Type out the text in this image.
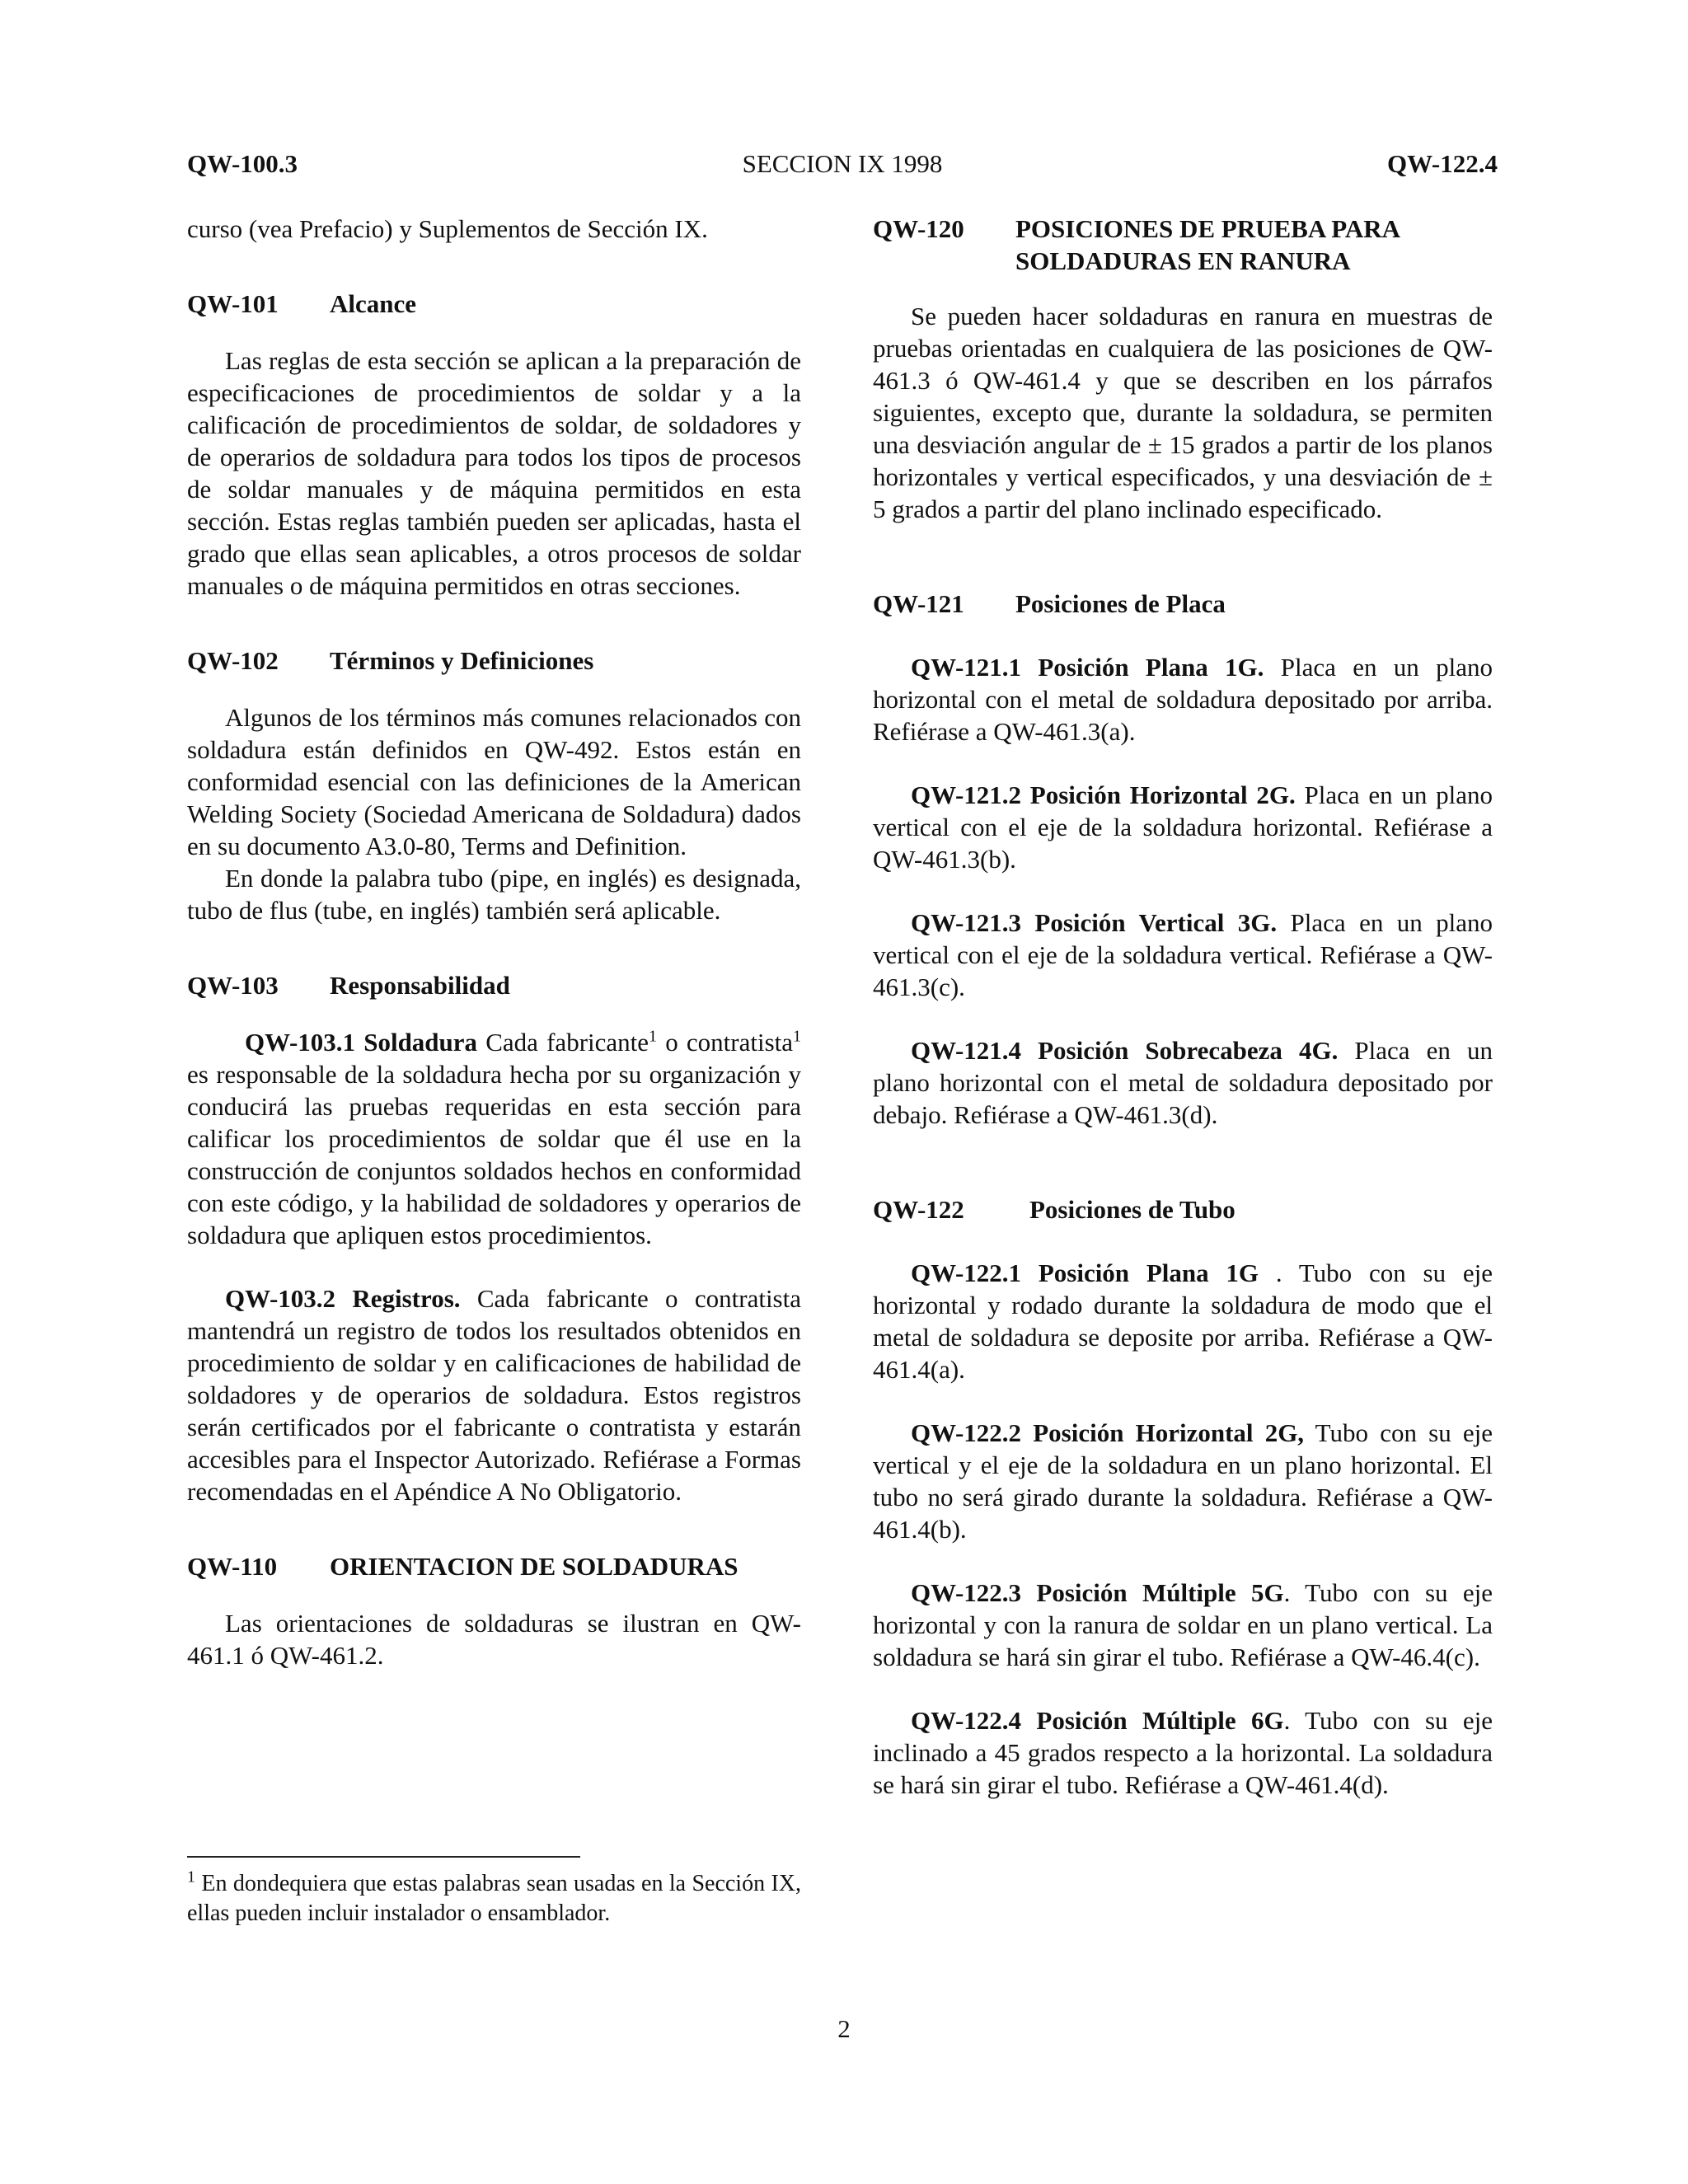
QW-100.3	SECCION IX 1998	QW-122.4

curso (vea Prefacio) y Suplementos de Sección IX.

QW-101 Alcance

Las reglas de esta sección se aplican a la preparación de especificaciones de procedimientos de soldar y a la calificación de procedimientos de soldar, de soldadores y de operarios de soldadura para todos los tipos de procesos de soldar manuales y de máquina permitidos en esta sección. Estas reglas también pueden ser aplicadas, hasta el grado que ellas sean aplicables, a otros procesos de soldar manuales o de máquina permitidos en otras secciones.

QW-102 Términos y Definiciones

Algunos de los términos más comunes relacionados con soldadura están definidos en QW-492. Estos están en conformidad esencial con las definiciones de la American Welding Society (Sociedad Americana de Soldadura) dados en su documento A3.0-80, Terms and Definition.

En donde la palabra tubo (pipe, en inglés) es designada, tubo de flus (tube, en inglés) también será aplicable.

QW-103 Responsabilidad

QW-103.1 Soldadura Cada fabricante$^1$ o contratista$^1$ es responsable de la soldadura hecha por su organización y conducirá las pruebas requeridas en esta sección para calificar los procedimientos de soldar que él use en la construcción de conjuntos soldados hechos en conformidad con este código, y la habilidad de soldadores y operarios de soldadura que apliquen estos procedimientos.

QW-103.2 Registros. Cada fabricante o contratista mantendrá un registro de todos los resultados obtenidos en procedimiento de soldar y en calificaciones de habilidad de soldadores y de operarios de soldadura. Estos registros serán certificados por el fabricante o contratista y estarán accesibles para el Inspector Autorizado. Refiérase a Formas recomendadas en el Apéndice A No Obligatorio.

QW-110 ORIENTACION DE SOLDADURAS

Las orientaciones de soldaduras se ilustran en QW-461.1 ó QW-461.2.

$^1$ En dondequiera que estas palabras sean usadas en la Sección IX, ellas pueden incluir instalador o ensamblador.

QW-120 POSICIONES DE PRUEBA PARA
SOLDADURAS EN RANURA

Se pueden hacer soldaduras en ranura en muestras de pruebas orientadas en cualquiera de las posiciones de QW-461.3 ó QW-461.4 y que se describen en los párrafos siguientes, excepto que, durante la soldadura, se permiten una desviación angular de ± 15 grados a partir de los planos horizontales y vertical especificados, y una desviación de ± 5 grados a partir del plano inclinado especificado.

QW-121 Posiciones de Placa

QW-121.1 Posición Plana 1G. Placa en un plano horizontal con el metal de soldadura depositado por arriba. Refiérase a QW-461.3(a).

QW-121.2 Posición Horizontal 2G. Placa en un plano vertical con el eje de la soldadura horizontal. Refiérase a QW-461.3(b).

QW-121.3 Posición Vertical 3G. Placa en un plano vertical con el eje de la soldadura vertical. Refiérase a QW-461.3(c).

QW-121.4 Posición Sobrecabeza 4G. Placa en un plano horizontal con el metal de soldadura depositado por debajo. Refiérase a QW-461.3(d).

QW-122	Posiciones de Tubo

QW-122.1 Posición Plana 1G . Tubo con su eje horizontal y rodado durante la soldadura de modo que el metal de soldadura se deposite por arriba. Refiérase a QW-461.4(a).

QW-122.2 Posición Horizontal 2G, Tubo con su eje vertical y el eje de la soldadura en un plano horizontal. El tubo no será girado durante la soldadura. Refiérase a QW-461.4(b).

QW-122.3 Posición Múltiple 5G. Tubo con su eje horizontal y con la ranura de soldar en un plano vertical. La soldadura se hará sin girar el tubo. Refiérase a QW-46.4(c).

QW-122.4 Posición Múltiple 6G. Tubo con su eje inclinado a 45 grados respecto a la horizontal. La soldadura se hará sin girar el tubo. Refiérase a QW-461.4(d).

2
